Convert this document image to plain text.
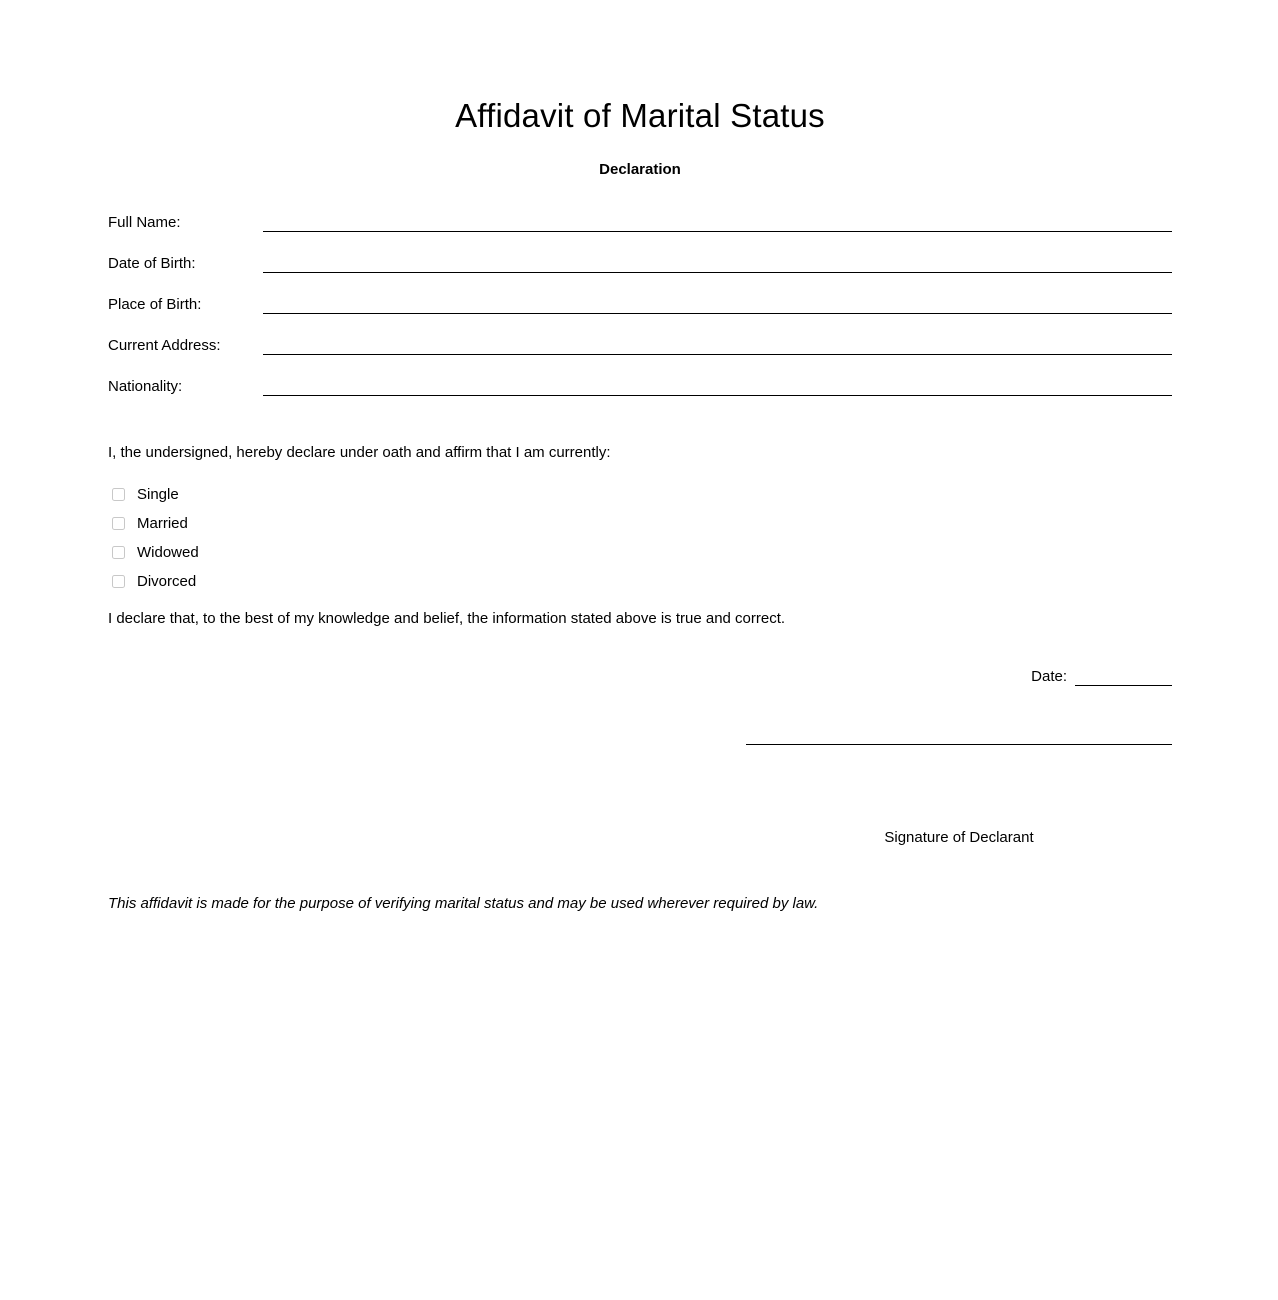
Affidavit of Marital Status
Declaration
Full Name:
Date of Birth:
Place of Birth:
Current Address:
Nationality:
I, the undersigned, hereby declare under oath and affirm that I am currently:
Single
Married
Widowed
Divorced
I declare that, to the best of my knowledge and belief, the information stated above is true and correct.
Date:
Signature of Declarant
This affidavit is made for the purpose of verifying marital status and may be used wherever required by law.
